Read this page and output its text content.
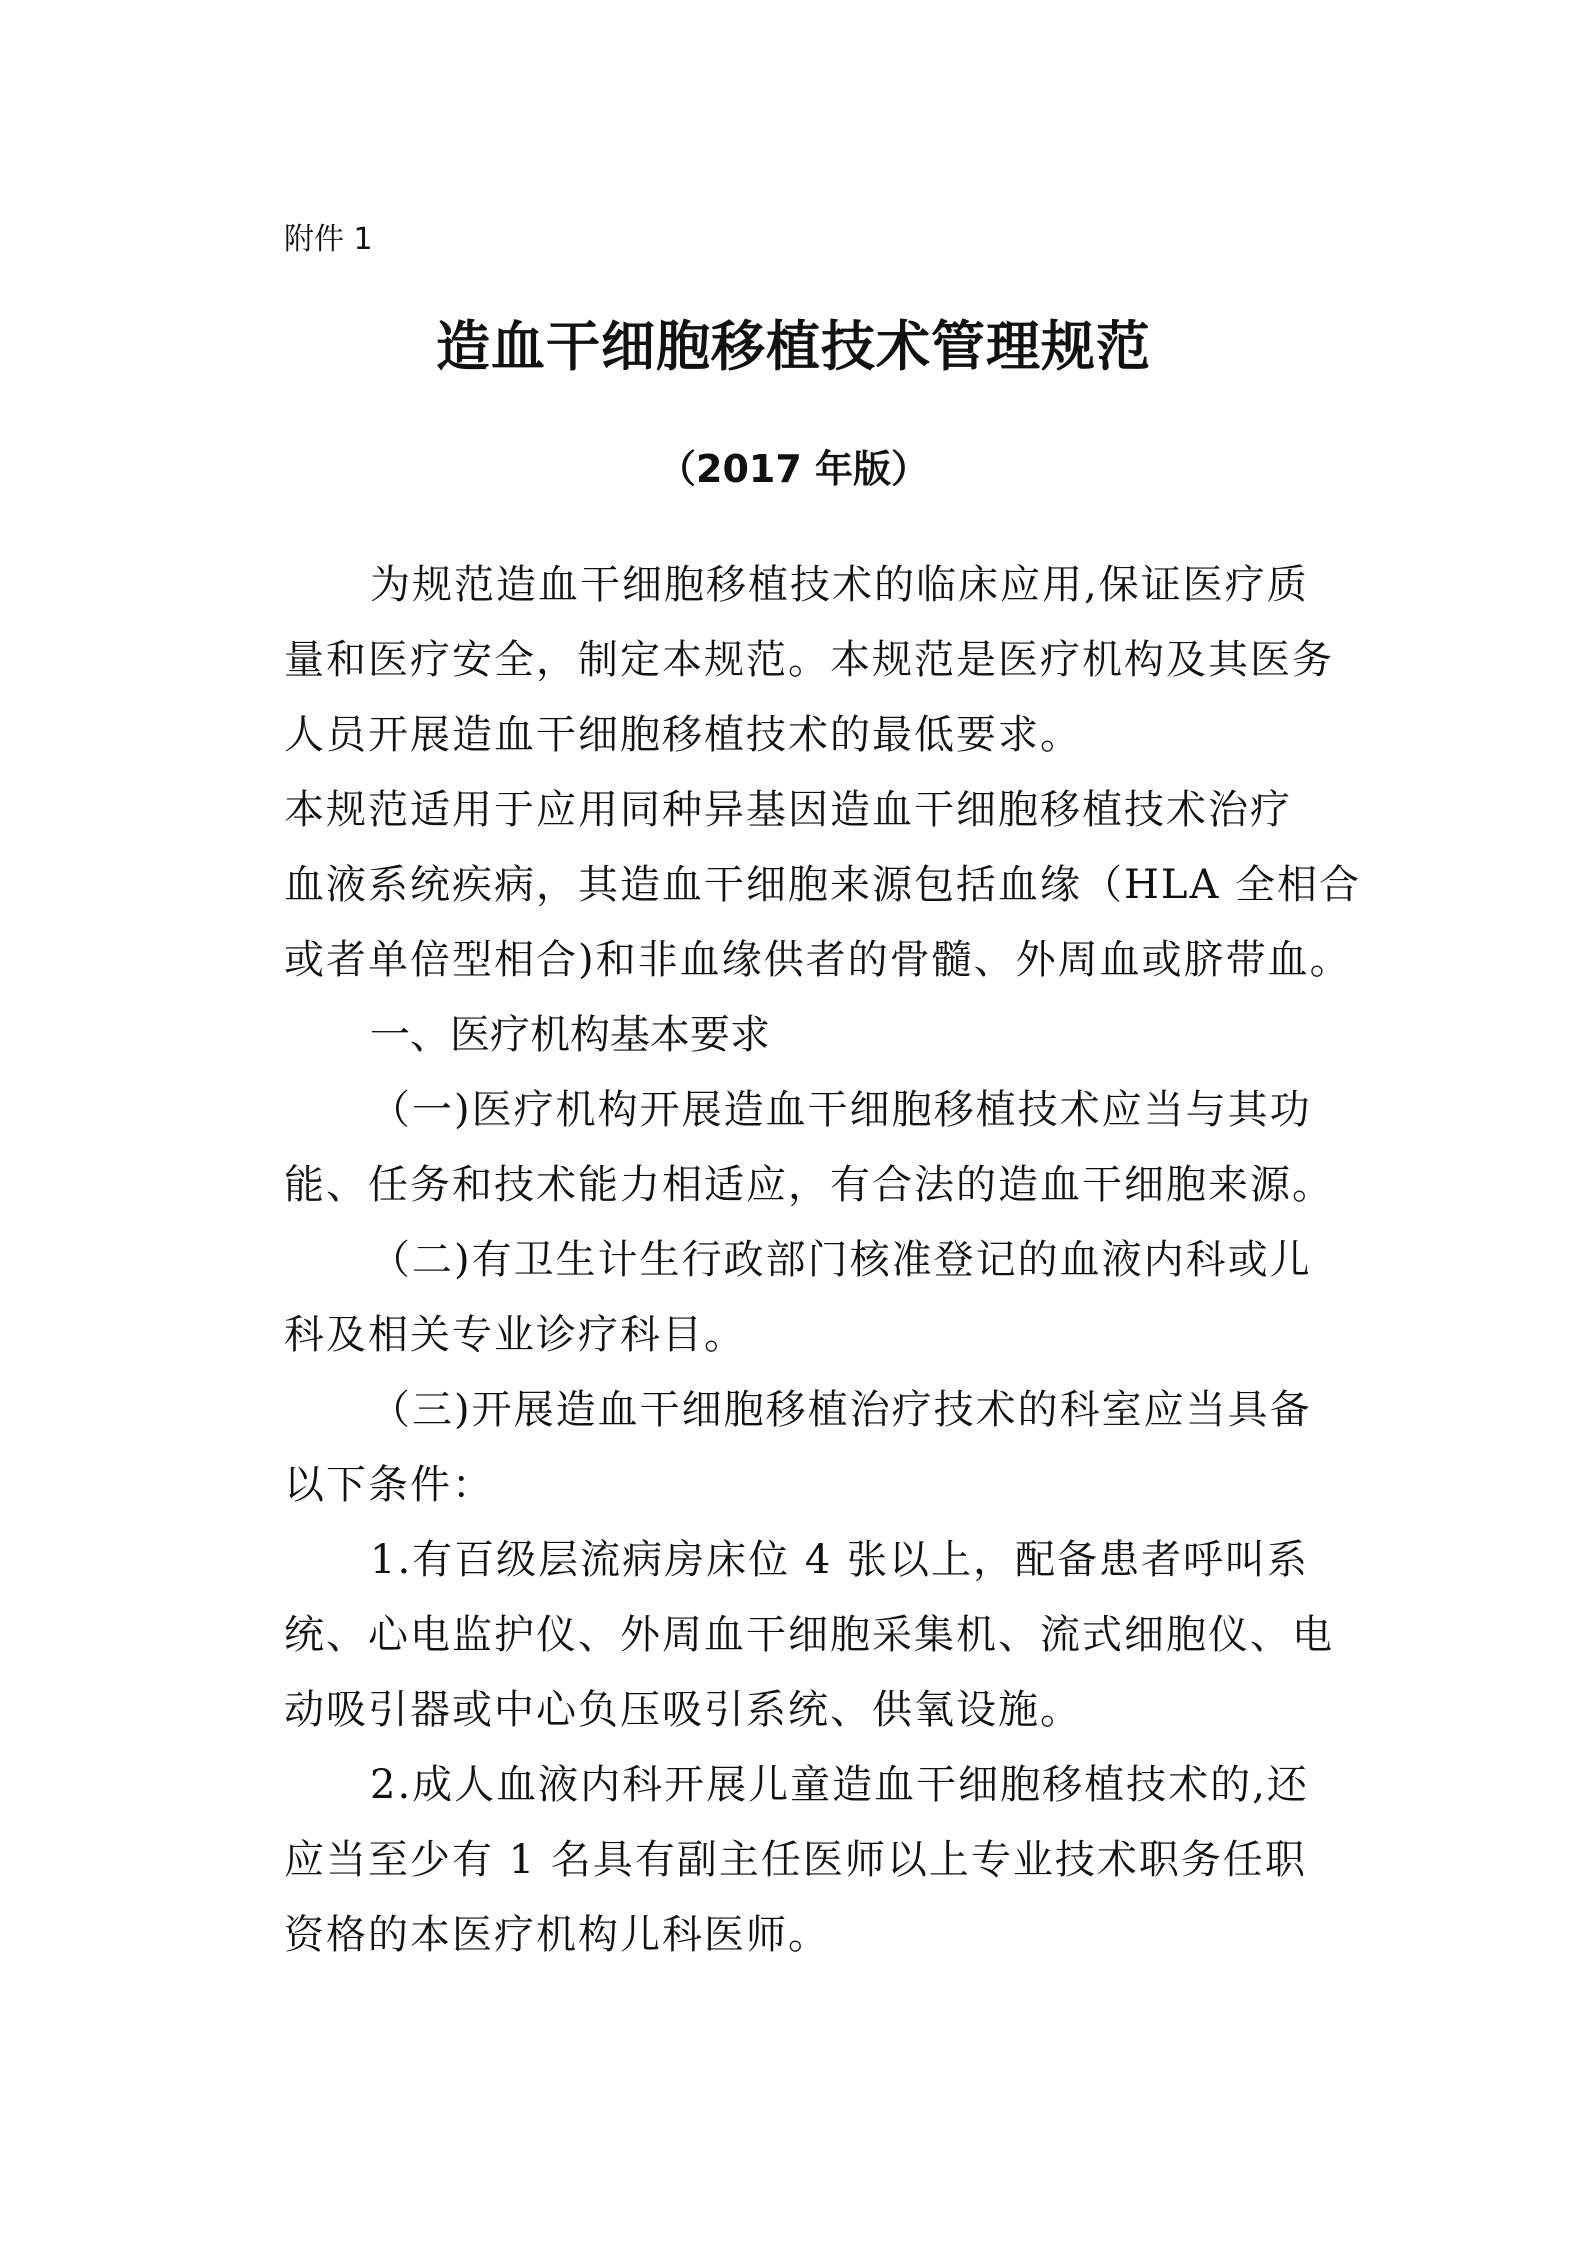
附件 1

造血干细胞移植技术管理规范

（2017 年版）

为规范造血干细胞移植技术的临床应用,保证医疗质

量和医疗安全，制定本规范。本规范是医疗机构及其医务

人员开展造血干细胞移植技术的最低要求。

本规范适用于应用同种异基因造血干细胞移植技术治疗

血液系统疾病，其造血干细胞来源包括血缘（HLA 全相合

或者单倍型相合)和非血缘供者的骨髓、外周血或脐带血。

一、医疗机构基本要求

（一)医疗机构开展造血干细胞移植技术应当与其功

能、任务和技术能力相适应，有合法的造血干细胞来源。

（二)有卫生计生行政部门核准登记的血液内科或儿

科及相关专业诊疗科目。

（三)开展造血干细胞移植治疗技术的科室应当具备

以下条件：

1.有百级层流病房床位 4 张以上，配备患者呼叫系

统、心电监护仪、外周血干细胞采集机、流式细胞仪、电

动吸引器或中心负压吸引系统、供氧设施。

2.成人血液内科开展儿童造血干细胞移植技术的,还

应当至少有 1 名具有副主任医师以上专业技术职务任职

资格的本医疗机构儿科医师。
